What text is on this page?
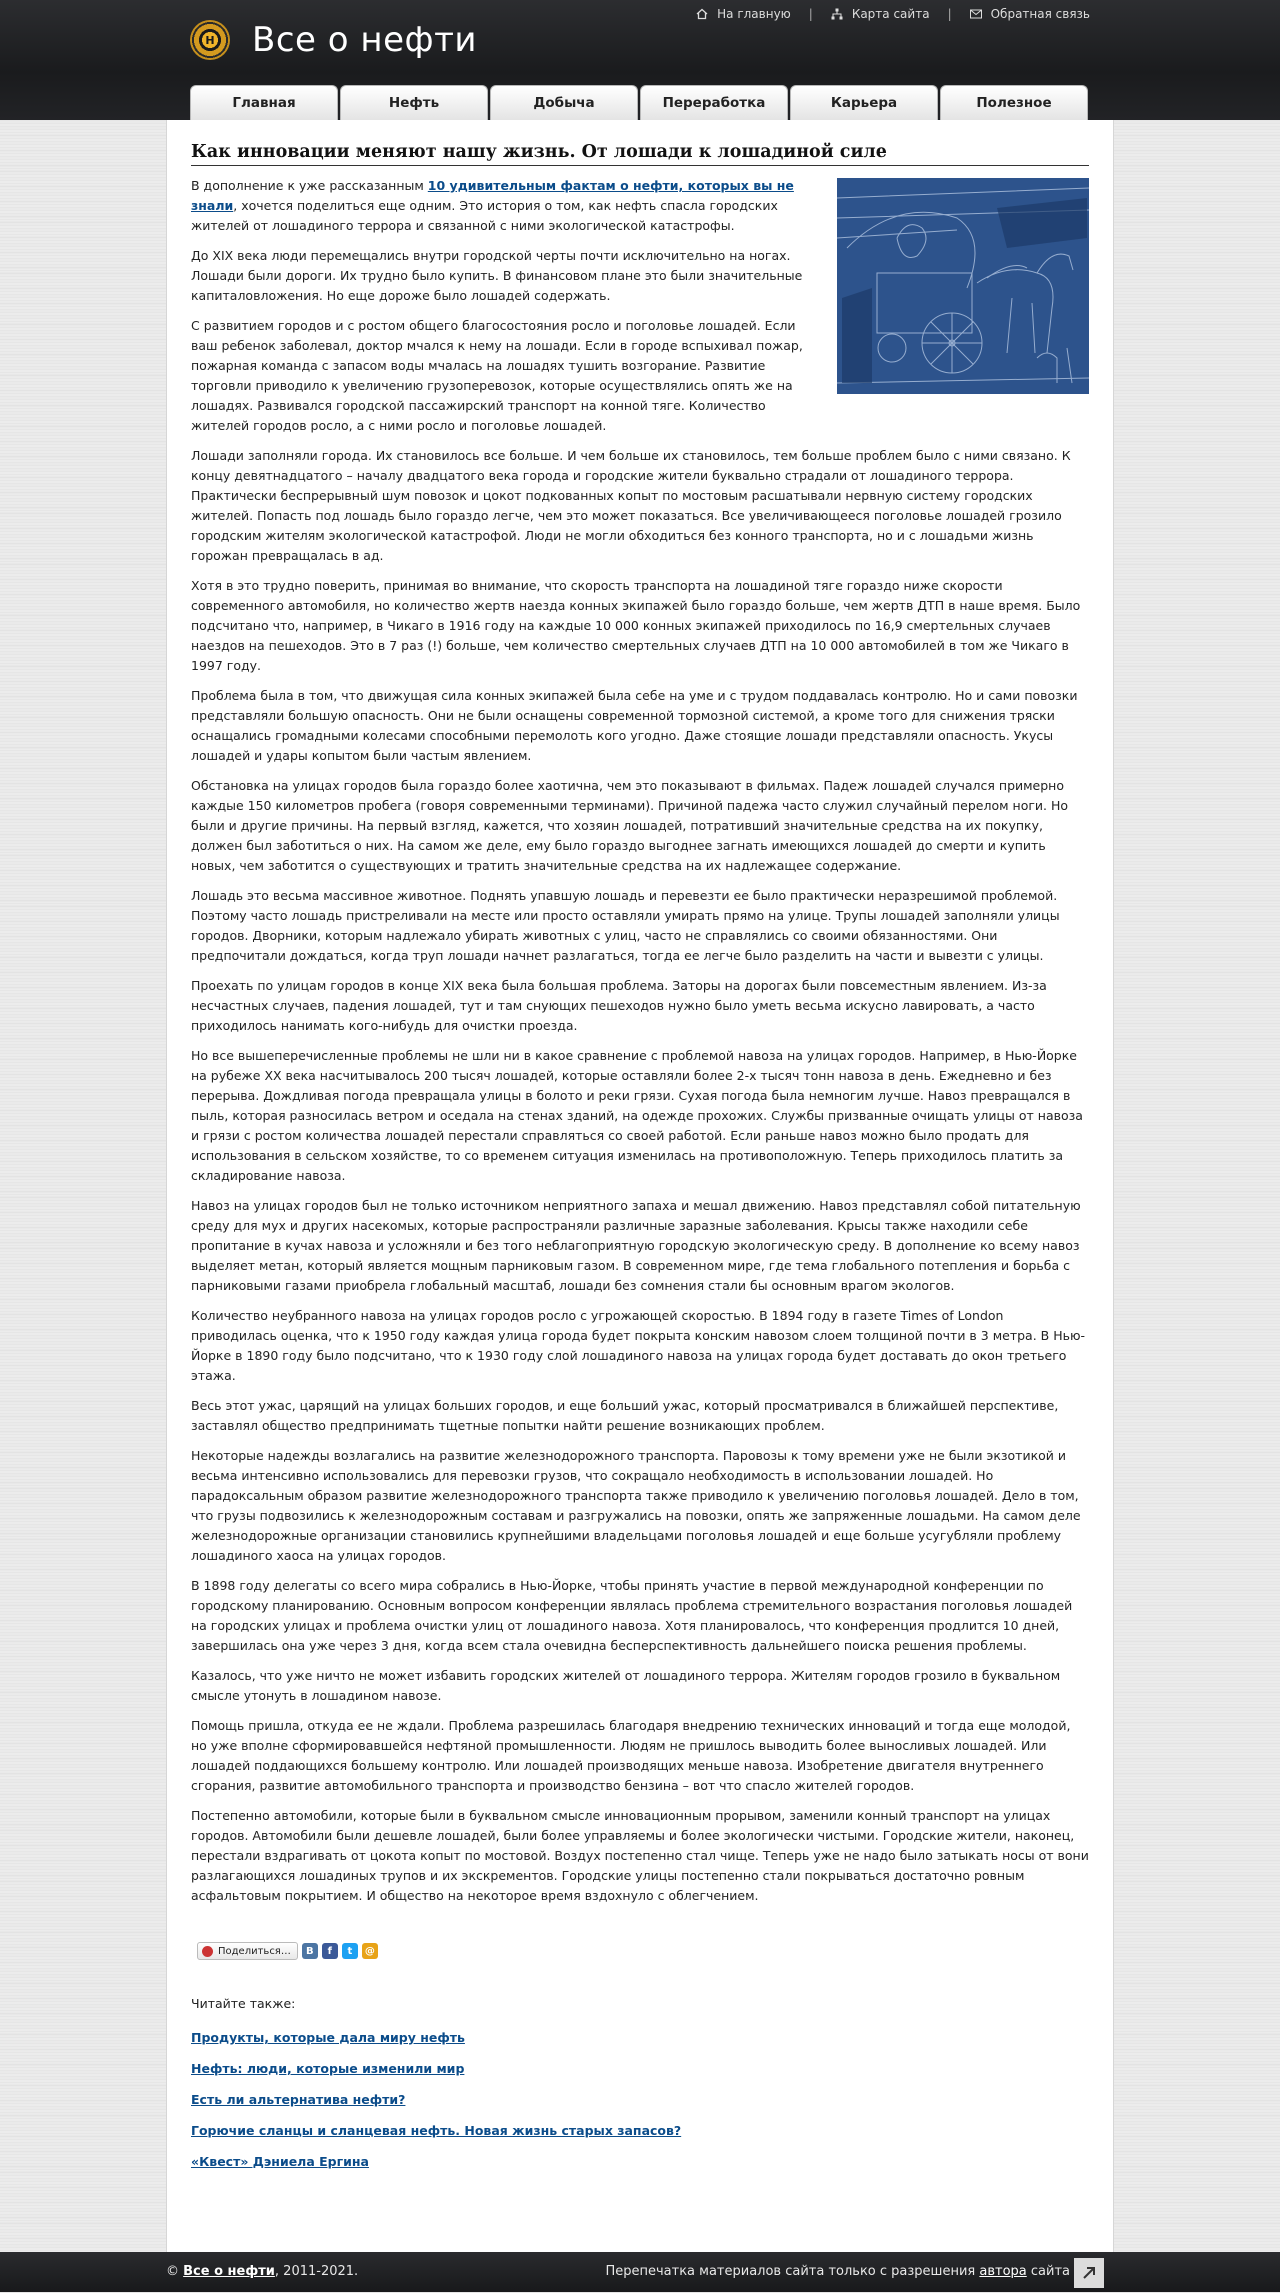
Н	Все о нефти
На главную |	Карта сайта |	Обратная связь
Главная	Нефть	Добыча	Переработка	Карьера	Полезное
Как инновации меняют нашу жизнь. От лошади к лошадиной силе

В дополнение к уже рассказанным 10 удивительным фактам о нефти, которых вы не знали, хочется поделиться еще одним. Это история о том, как нефть спасла городских жителей от лошадиного террора и связанной с ними экологической катастрофы.

До XIX века люди перемещались внутри городской черты почти исключительно на ногах. Лошади были дороги. Их трудно было купить. В финансовом плане это были значительные капиталовложения. Но еще дороже было лошадей содержать.

С развитием городов и с ростом общего благосостояния росло и поголовье лошадей. Если ваш ребенок заболевал, доктор мчался к нему на лошади. Если в городе вспыхивал пожар, пожарная команда с запасом воды мчалась на лошадях тушить возгорание. Развитие торговли приводило к увеличению грузоперевозок, которые осуществлялись опять же на лошадях. Развивался городской пассажирский транспорт на конной тяге. Количество жителей городов росло, а с ними росло и поголовье лошадей.

Лошади заполняли города. Их становилось все больше. И чем больше их становилось, тем больше проблем было с ними связано. К концу девятнадцатого – началу двадцатого века города и городские жители буквально страдали от лошадиного террора. Практически беспрерывный шум повозок и цокот подкованных копыт по мостовым расшатывали нервную систему городских жителей. Попасть под лошадь было гораздо легче, чем это может показаться. Все увеличивающееся поголовье лошадей грозило городским жителям экологической катастрофой. Люди не могли обходиться без конного транспорта, но и с лошадьми жизнь горожан превращалась в ад.

Хотя в это трудно поверить, принимая во внимание, что скорость транспорта на лошадиной тяге гораздо ниже скорости современного автомобиля, но количество жертв наезда конных экипажей было гораздо больше, чем жертв ДТП в наше время. Было подсчитано что, например, в Чикаго в 1916 году на каждые 10 000 конных экипажей приходилось по 16,9 смертельных случаев наездов на пешеходов. Это в 7 раз (!) больше, чем количество смертельных случаев ДТП на 10 000 автомобилей в том же Чикаго в 1997 году.

Проблема была в том, что движущая сила конных экипажей была себе на уме и с трудом поддавалась контролю. Но и сами повозки представляли большую опасность. Они не были оснащены современной тормозной системой, а кроме того для снижения тряски оснащались громадными колесами способными перемолоть кого угодно. Даже стоящие лошади представляли опасность. Укусы лошадей и удары копытом были частым явлением.

Обстановка на улицах городов была гораздо более хаотична, чем это показывают в фильмах. Падеж лошадей случался примерно каждые 150 километров пробега (говоря современными терминами). Причиной падежа часто служил случайный перелом ноги. Но были и другие причины. На первый взгляд, кажется, что хозяин лошадей, потративший значительные средства на их покупку, должен был заботиться о них. На самом же деле, ему было гораздо выгоднее загнать имеющихся лошадей до смерти и купить новых, чем заботится о существующих и тратить значительные средства на их надлежащее содержание.

Лошадь это весьма массивное животное. Поднять упавшую лошадь и перевезти ее было практически неразрешимой проблемой. Поэтому часто лошадь пристреливали на месте или просто оставляли умирать прямо на улице. Трупы лошадей заполняли улицы городов. Дворники, которым надлежало убирать животных с улиц, часто не справлялись со своими обязанностями. Они предпочитали дождаться, когда труп лошади начнет разлагаться, тогда ее легче было разделить на части и вывезти с улицы.

Проехать по улицам городов в конце XIX века была большая проблема. Заторы на дорогах были повсеместным явлением. Из-за несчастных случаев, падения лошадей, тут и там снующих пешеходов нужно было уметь весьма искусно лавировать, а часто приходилось нанимать кого-нибудь для очистки проезда.

Но все вышеперечисленные проблемы не шли ни в какое сравнение с проблемой навоза на улицах городов. Например, в Нью-Йорке на рубеже XX века насчитывалось 200 тысяч лошадей, которые оставляли более 2-х тысяч тонн навоза в день. Ежедневно и без перерыва. Дождливая погода превращала улицы в болото и реки грязи. Сухая погода была немногим лучше. Навоз превращался в пыль, которая разносилась ветром и оседала на стенах зданий, на одежде прохожих. Службы призванные очищать улицы от навоза и грязи с ростом количества лошадей перестали справляться со своей работой. Если раньше навоз можно было продать для использования в сельском хозяйстве, то со временем ситуация изменилась на противоположную. Теперь приходилось платить за складирование навоза.

Навоз на улицах городов был не только источником неприятного запаха и мешал движению. Навоз представлял собой питательную среду для мух и других насекомых, которые распространяли различные заразные заболевания. Крысы также находили себе пропитание в кучах навоза и усложняли и без того неблагоприятную городскую экологическую среду. В дополнение ко всему навоз выделяет метан, который является мощным парниковым газом. В современном мире, где тема глобального потепления и борьба с парниковыми газами приобрела глобальный масштаб, лошади без сомнения стали бы основным врагом экологов.

Количество неубранного навоза на улицах городов росло с угрожающей скоростью. В 1894 году в газете Times of London приводилась оценка, что к 1950 году каждая улица города будет покрыта конским навозом слоем толщиной почти в 3 метра. В Нью-Йорке в 1890 году было подсчитано, что к 1930 году слой лошадиного навоза на улицах города будет доставать до окон третьего этажа.

Весь этот ужас, царящий на улицах больших городов, и еще больший ужас, который просматривался в ближайшей перспективе, заставлял общество предпринимать тщетные попытки найти решение возникающих проблем.

Некоторые надежды возлагались на развитие железнодорожного транспорта. Паровозы к тому времени уже не были экзотикой и весьма интенсивно использовались для перевозки грузов, что сокращало необходимость в использовании лошадей. Но парадоксальным образом развитие железнодорожного транспорта также приводило к увеличению поголовья лошадей. Дело в том, что грузы подвозились к железнодорожным составам и разгружались на повозки, опять же запряженные лошадьми. На самом деле железнодорожные организации становились крупнейшими владельцами поголовья лошадей и еще больше усугубляли проблему лошадиного хаоса на улицах городов.

В 1898 году делегаты со всего мира собрались в Нью-Йорке, чтобы принять участие в первой международной конференции по городскому планированию. Основным вопросом конференции являлась проблема стремительного возрастания поголовья лошадей на городских улицах и проблема очистки улиц от лошадиного навоза. Хотя планировалось, что конференция продлится 10 дней, завершилась она уже через 3 дня, когда всем стала очевидна бесперспективность дальнейшего поиска решения проблемы.

Казалось, что уже ничто не может избавить городских жителей от лошадиного террора. Жителям городов грозило в буквальном смысле утонуть в лошадином навозе.

Помощь пришла, откуда ее не ждали. Проблема разрешилась благодаря внедрению технических инноваций и тогда еще молодой, но уже вполне сформировавшейся нефтяной промышленности. Людям не пришлось выводить более выносливых лошадей. Или лошадей поддающихся большему контролю. Или лошадей производящих меньше навоза. Изобретение двигателя внутреннего сгорания, развитие автомобильного транспорта и производство бензина – вот что спасло жителей городов.

Постепенно автомобили, которые были в буквальном смысле инновационным прорывом, заменили конный транспорт на улицах городов. Автомобили были дешевле лошадей, были более управляемы и более экологически чистыми. Городские жители, наконец, перестали вздрагивать от цокота копыт по мостовой. Воздух постепенно стал чище. Теперь уже не надо было затыкать носы от вони разлагающихся лошадиных трупов и их экскрементов. Городские улицы постепенно стали покрываться достаточно ровным асфальтовым покрытием. И общество на некоторое время вздохнуло с облегчением.

Поделиться…	В	f	t	@
Читайте также:
Продукты, которые дала миру нефть
Нефть: люди, которые изменили мир
Есть ли альтернатива нефти?
Горючие сланцы и сланцевая нефть. Новая жизнь старых запасов?
«Квест» Дэниела Ергина
© Все о нефти, 2011-2021.	Перепечатка материалов сайта только с разрешения автора сайта
